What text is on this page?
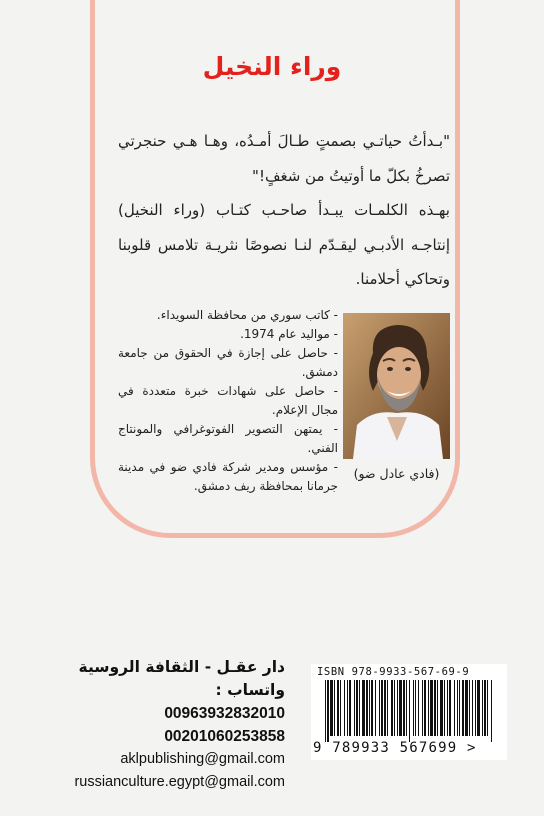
وراء النخيل

"بـدأتُ حياتـي بصمتٍ طـالَ أمـدُه، وهـا هـي حنجرتي تصرخُ بكلّ ما أوتيتُ من شغفٍ!"

بهـذه الكلمـات يبـدأ صاحـب كتـاب (وراء النخيل) إنتاجـه الأدبـي ليقـدّم لنـا نصوصًا نثريـة تلامس قلوبنا وتحاكي أحلامنا.

(فادي عادل ضو)
- كاتب سوري من محافظة السويداء.
- مواليد عام 1974.
- حاصل على إجازة في الحقوق من جامعة دمشق.
- حاصل على شهادات خبرة متعددة في مجال الإعلام.
- يمتهن التصوير الفوتوغرافي والمونتاج الفني.
- مؤسس ومدير شركة فادي ضو في مدينة جرمانا بمحافظة ريف دمشق.
دار عقـل - الثقافة الروسية
واتساب :
00963932832010
00201060253858
aklpublishing@gmail.com
russianculture.egypt@gmail.com
ISBN 978-9933-567-69-9
9 789933 567699 >
